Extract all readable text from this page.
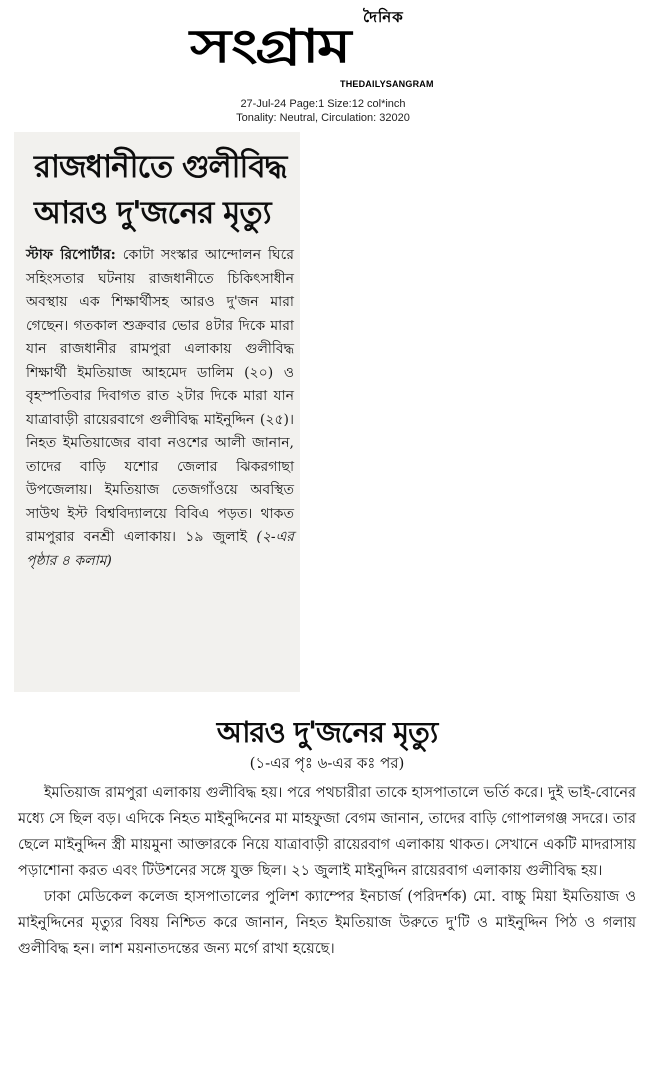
দৈনিক
সংগ্রাম
THEDAILYSANGRAM
27-Jul-24 Page:1 Size:12 col*inch
Tonality: Neutral, Circulation: 32020
রাজধানীতে গুলীবিদ্ধ
আরও দু'জনের মৃত্যু
স্টাফ রিপোর্টার: কোটা সংস্কার আন্দোলন ঘিরে সহিংসতার ঘটনায় রাজধানীতে চিকিৎসাধীন অবস্থায় এক শিক্ষার্থীসহ আরও দু'জন মারা গেছেন। গতকাল শুক্রবার ভোর ৪টার দিকে মারা যান রাজধানীর রামপুরা এলাকায় গুলীবিদ্ধ শিক্ষার্থী ইমতিয়াজ আহমেদ ডালিম (২০) ও বৃহস্পতিবার দিবাগত রাত ২টার দিকে মারা যান যাত্রাবাড়ী রায়েরবাগে গুলীবিদ্ধ মাইনুদ্দিন (২৫)। নিহত ইমতিয়াজের বাবা নওশের আলী জানান, তাদের বাড়ি যশোর জেলার ঝিকরগাছা উপজেলায়। ইমতিয়াজ তেজগাঁওয়ে অবস্থিত সাউথ ইস্ট বিশ্ববিদ্যালয়ে বিবিএ পড়ত। থাকত রামপুরার বনশ্রী এলাকায়। ১৯ জুলাই (২-এর পৃষ্ঠার ৪ কলাম)
আরও দু'জনের মৃত্যু
(১-এর পৃঃ ৬-এর কঃ পর)

ইমতিয়াজ রামপুরা এলাকায় গুলীবিদ্ধ হয়। পরে পথচারীরা তাকে হাসপাতালে ভর্তি করে। দুই ভাই-বোনের মধ্যে সে ছিল বড়। এদিকে নিহত মাইনুদ্দিনের মা মাহফুজা বেগম জানান, তাদের বাড়ি গোপালগঞ্জ সদরে। তার ছেলে মাইনুদ্দিন স্ত্রী মায়মুনা আক্তারকে নিয়ে যাত্রাবাড়ী রায়েরবাগ এলাকায় থাকত। সেখানে একটি মাদরাসায় পড়াশোনা করত এবং টিউশনের সঙ্গে যুক্ত ছিল। ২১ জুলাই মাইনুদ্দিন রায়েরবাগ এলাকায় গুলীবিদ্ধ হয়।

ঢাকা মেডিকেল কলেজ হাসপাতালের পুলিশ ক্যাম্পের ইনচার্জ (পরিদর্শক) মো. বাচ্চু মিয়া ইমতিয়াজ ও মাইনুদ্দিনের মৃত্যুর বিষয় নিশ্চিত করে জানান, নিহত ইমতিয়াজ উরুতে দু'টি ও মাইনুদ্দিন পিঠ ও গলায় গুলীবিদ্ধ হন। লাশ ময়নাতদন্তের জন্য মর্গে রাখা হয়েছে।
